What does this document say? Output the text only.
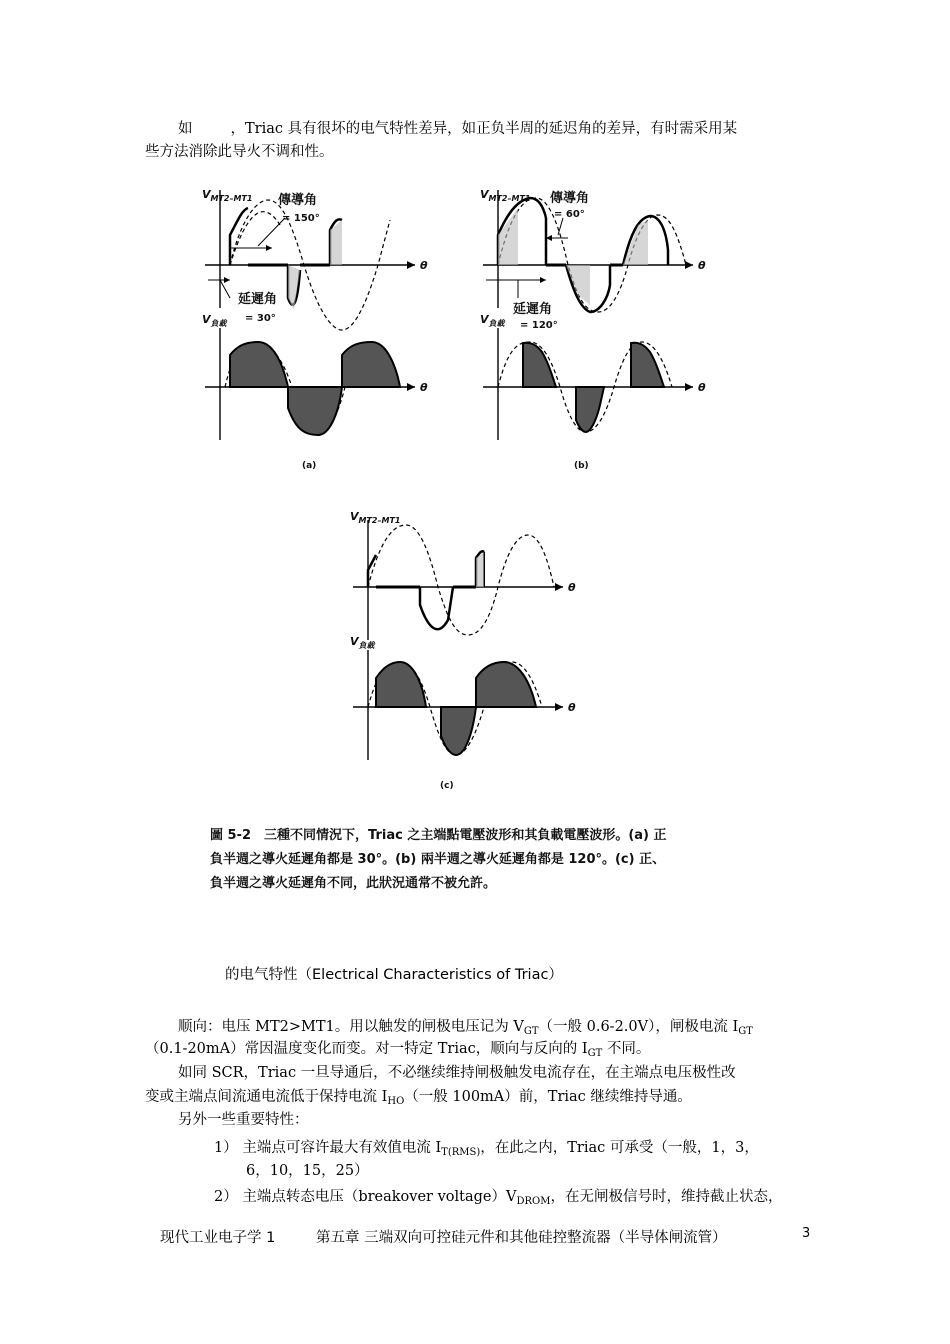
如	，Triac 具有很坏的电气特性差异，如正负半周的延迟角的差异，有时需采用某
些方法消除此导火不调和性。
$V_{MT2-MT1}$ 傳導角
= 150°
延遲角
= 30°
θ
$V_{負載}$
θ
(a)
$V_{MT2-MT1}$ 傳導角
= 60°
延遲角
= 120°
θ
$V_{負載}$
θ
(b)
$V_{MT2-MT1}$
θ
$V_{負載}$
θ
(c)
圖 5-2　三種不同情況下，Triac 之主端點電壓波形和其負載電壓波形。(a) 正
負半週之導火延遲角都是 30°。(b) 兩半週之導火延遲角都是 120°。(c) 正、
負半週之導火延遲角不同，此狀況通常不被允許。
的电气特性（Electrical Characteristics of Triac）
顺向：电压 MT2>MT1。用以触发的闸极电压记为 $V_{GT}$（一般 0.6-2.0V），闸极电流 $I_{GT}$
（0.1-20mA）常因温度变化而变。对一特定 Triac，顺向与反向的 $I_{GT}$ 不同。
如同 SCR，Triac 一旦导通后，不必继续维持闸极触发电流存在，在主端点电压极性改
变或主端点间流通电流低于保持电流 $I_{HO}$（一般 100mA）前，Triac 继续维持导通。
另外一些重要特性：
1） 主端点可容许最大有效值电流 $I_{T(RMS)}$，在此之内，Triac 可承受（一般，1，3，
6，10，15，25）
2） 主端点转态电压（breakover $voltage)V_{DROM}$，在无闸极信号时，维持截止状态，
现代工业电子学 1	第五章 三端双向可控硅元件和其他硅控整流器（半导体闸流管）	3
